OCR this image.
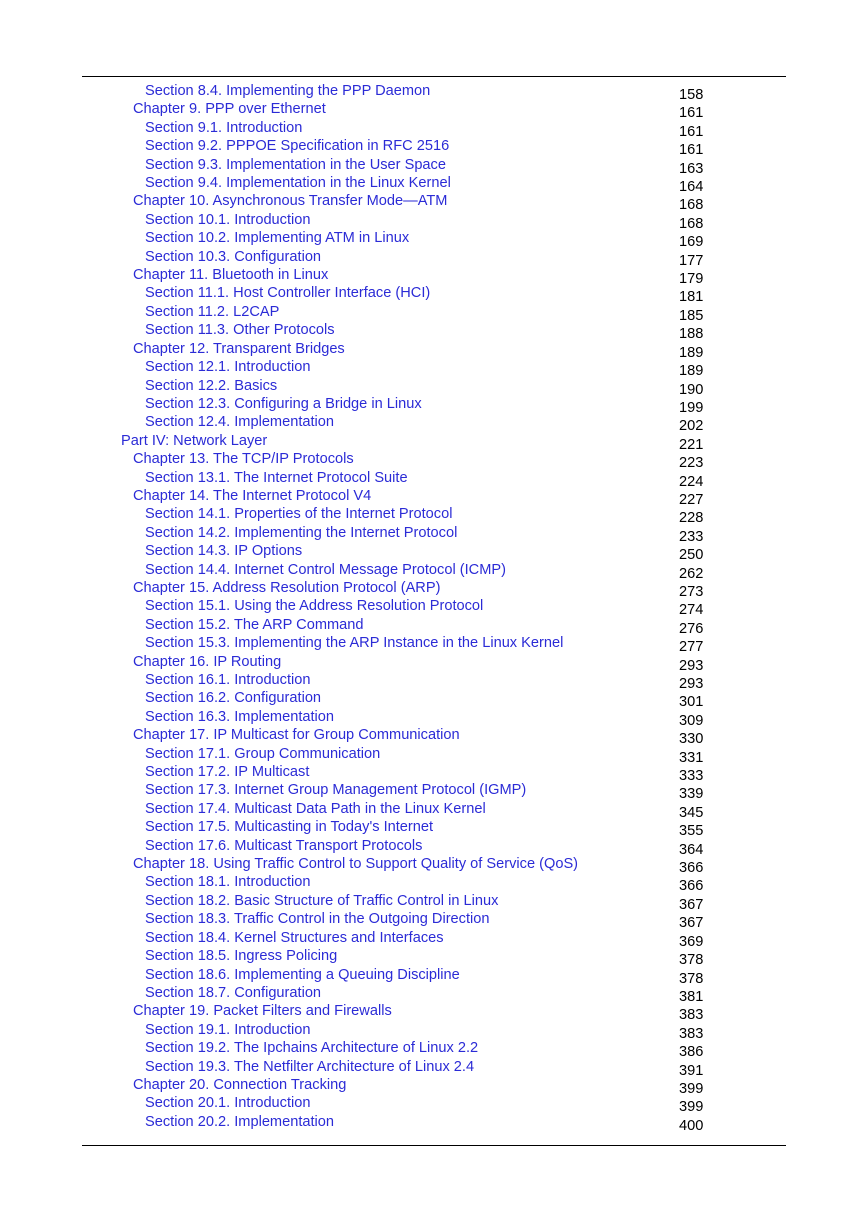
Section 8.4. Implementing the PPP Daemon	158
Chapter 9. PPP over Ethernet	161
Section 9.1. Introduction	161
Section 9.2. PPPOE Specification in RFC 2516	161
Section 9.3. Implementation in the User Space	163
Section 9.4. Implementation in the Linux Kernel	164
Chapter 10. Asynchronous Transfer Mode—ATM	168
Section 10.1. Introduction	168
Section 10.2. Implementing ATM in Linux	169
Section 10.3. Configuration	177
Chapter 11. Bluetooth in Linux	179
Section 11.1. Host Controller Interface (HCI)	181
Section 11.2. L2CAP	185
Section 11.3. Other Protocols	188
Chapter 12. Transparent Bridges	189
Section 12.1. Introduction	189
Section 12.2. Basics	190
Section 12.3. Configuring a Bridge in Linux	199
Section 12.4. Implementation	202
Part IV: Network Layer	221
Chapter 13. The TCP/IP Protocols	223
Section 13.1. The Internet Protocol Suite	224
Chapter 14. The Internet Protocol V4	227
Section 14.1. Properties of the Internet Protocol	228
Section 14.2. Implementing the Internet Protocol	233
Section 14.3. IP Options	250
Section 14.4. Internet Control Message Protocol (ICMP)	262
Chapter 15. Address Resolution Protocol (ARP)	273
Section 15.1. Using the Address Resolution Protocol	274
Section 15.2. The ARP Command	276
Section 15.3. Implementing the ARP Instance in the Linux Kernel	277
Chapter 16. IP Routing	293
Section 16.1. Introduction	293
Section 16.2. Configuration	301
Section 16.3. Implementation	309
Chapter 17. IP Multicast for Group Communication	330
Section 17.1. Group Communication	331
Section 17.2. IP Multicast	333
Section 17.3. Internet Group Management Protocol (IGMP)	339
Section 17.4. Multicast Data Path in the Linux Kernel	345
Section 17.5. Multicasting in Today's Internet	355
Section 17.6. Multicast Transport Protocols	364
Chapter 18. Using Traffic Control to Support Quality of Service (QoS)	366
Section 18.1. Introduction	366
Section 18.2. Basic Structure of Traffic Control in Linux	367
Section 18.3. Traffic Control in the Outgoing Direction	367
Section 18.4. Kernel Structures and Interfaces	369
Section 18.5. Ingress Policing	378
Section 18.6. Implementing a Queuing Discipline	378
Section 18.7. Configuration	381
Chapter 19. Packet Filters and Firewalls	383
Section 19.1. Introduction	383
Section 19.2. The Ipchains Architecture of Linux 2.2	386
Section 19.3. The Netfilter Architecture of Linux 2.4	391
Chapter 20. Connection Tracking	399
Section 20.1. Introduction	399
Section 20.2. Implementation	400
